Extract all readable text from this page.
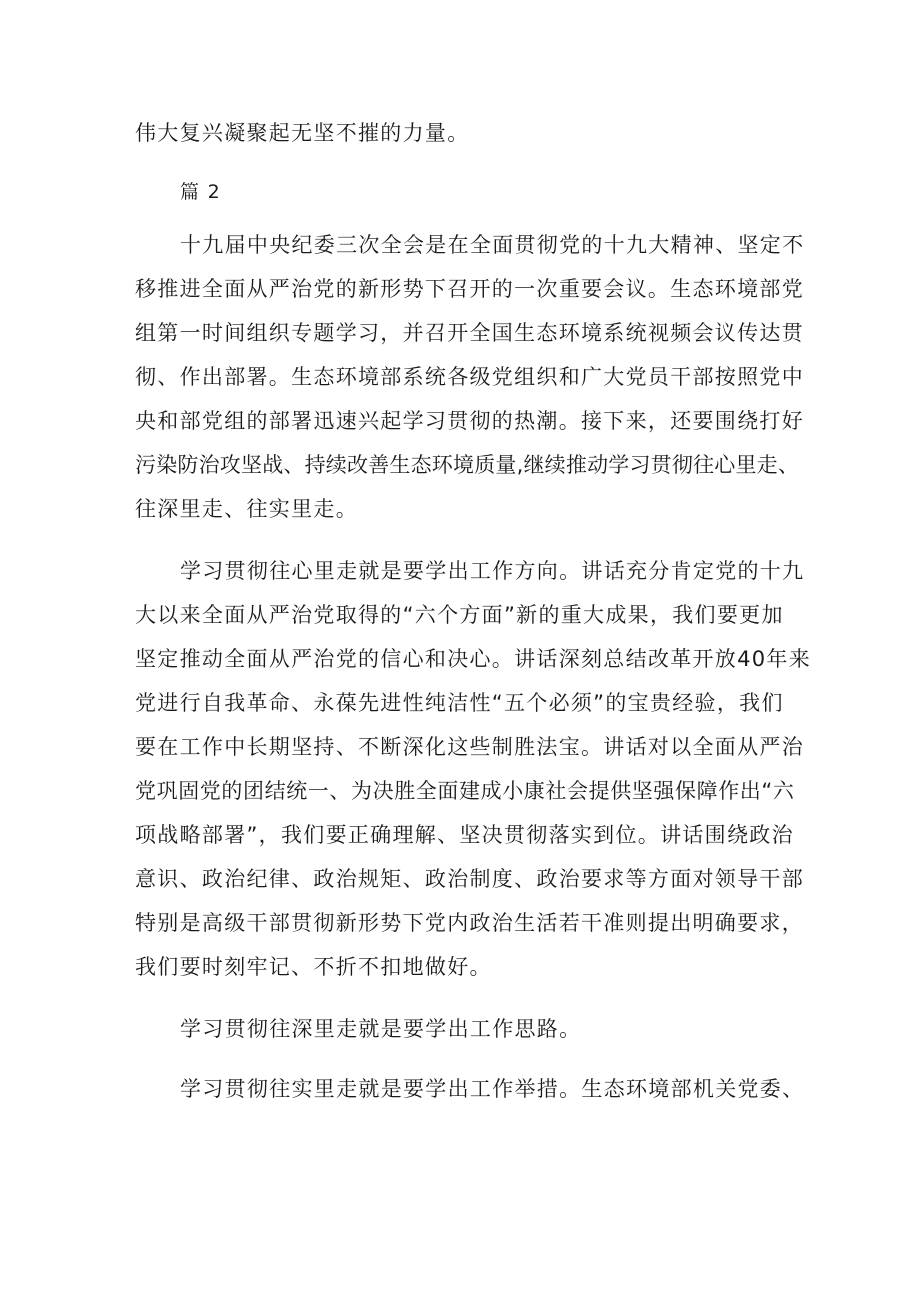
伟大复兴凝聚起无坚不摧的力量。
篇 2
十九届中央纪委三次全会是在全面贯彻党的十九大精神、坚定不
移推进全面从严治党的新形势下召开的一次重要会议。生态环境部党
组第一时间组织专题学习，并召开全国生态环境系统视频会议传达贯
彻、作出部署。生态环境部系统各级党组织和广大党员干部按照党中
央和部党组的部署迅速兴起学习贯彻的热潮。接下来，还要围绕打好
污染防治攻坚战、持续改善生态环境质量,继续推动学习贯彻往心里走、
往深里走、往实里走。
学习贯彻往心里走就是要学出工作方向。讲话充分肯定党的十九
大以来全面从严治党取得的“六个方面”新的重大成果，我们要更加
坚定推动全面从严治党的信心和决心。讲话深刻总结改革开放40年来
党进行自我革命、永葆先进性纯洁性“五个必须”的宝贵经验，我们
要在工作中长期坚持、不断深化这些制胜法宝。讲话对以全面从严治
党巩固党的团结统一、为决胜全面建成小康社会提供坚强保障作出“六
项战略部署”，我们要正确理解、坚决贯彻落实到位。讲话围绕政治
意识、政治纪律、政治规矩、政治制度、政治要求等方面对领导干部
特别是高级干部贯彻新形势下党内政治生活若干准则提出明确要求，
我们要时刻牢记、不折不扣地做好。
学习贯彻往深里走就是要学出工作思路。
学习贯彻往实里走就是要学出工作举措。生态环境部机关党委、
